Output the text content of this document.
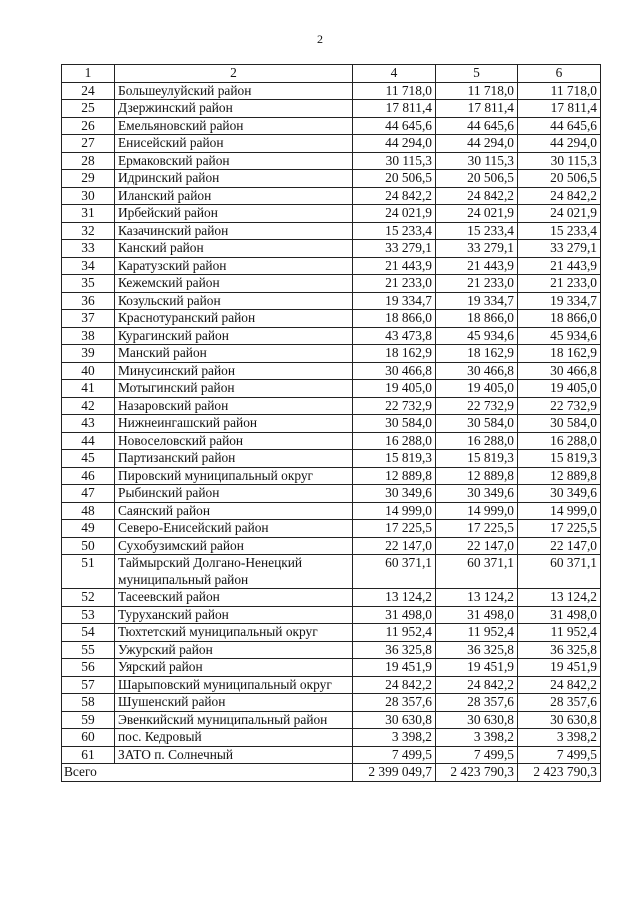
2
1	2	4	5	6
24	Большеулуйский район	11 718,0	11 718,0	11 718,0
25	Дзержинский район	17 811,4	17 811,4	17 811,4
26	Емельяновский район	44 645,6	44 645,6	44 645,6
27	Енисейский район	44 294,0	44 294,0	44 294,0
28	Ермаковский район	30 115,3	30 115,3	30 115,3
29	Идринский район	20 506,5	20 506,5	20 506,5
30	Иланский район	24 842,2	24 842,2	24 842,2
31	Ирбейский район	24 021,9	24 021,9	24 021,9
32	Казачинский район	15 233,4	15 233,4	15 233,4
33	Канский район	33 279,1	33 279,1	33 279,1
34	Каратузский район	21 443,9	21 443,9	21 443,9
35	Кежемский район	21 233,0	21 233,0	21 233,0
36	Козульский район	19 334,7	19 334,7	19 334,7
37	Краснотуранский район	18 866,0	18 866,0	18 866,0
38	Курагинский район	43 473,8	45 934,6	45 934,6
39	Манский район	18 162,9	18 162,9	18 162,9
40	Минусинский район	30 466,8	30 466,8	30 466,8
41	Мотыгинский район	19 405,0	19 405,0	19 405,0
42	Назаровский район	22 732,9	22 732,9	22 732,9
43	Нижнеингашский район	30 584,0	30 584,0	30 584,0
44	Новоселовский район	16 288,0	16 288,0	16 288,0
45	Партизанский район	15 819,3	15 819,3	15 819,3
46	Пировский муниципальный округ	12 889,8	12 889,8	12 889,8
47	Рыбинский район	30 349,6	30 349,6	30 349,6
48	Саянский район	14 999,0	14 999,0	14 999,0
49	Северо-Енисейский район	17 225,5	17 225,5	17 225,5
50	Сухобузимский район	22 147,0	22 147,0	22 147,0
51	Таймырский Долгано-Ненецкий муниципальный район	60 371,1	60 371,1	60 371,1
52	Тасеевский район	13 124,2	13 124,2	13 124,2
53	Туруханский район	31 498,0	31 498,0	31 498,0
54	Тюхтетский муниципальный округ	11 952,4	11 952,4	11 952,4
55	Ужурский район	36 325,8	36 325,8	36 325,8
56	Уярский район	19 451,9	19 451,9	19 451,9
57	Шарыповский муниципальный округ	24 842,2	24 842,2	24 842,2
58	Шушенский район	28 357,6	28 357,6	28 357,6
59	Эвенкийский муниципальный район	30 630,8	30 630,8	30 630,8
60	пос. Кедровый	3 398,2	3 398,2	3 398,2
61	ЗАТО п. Солнечный	7 499,5	7 499,5	7 499,5
Всего		2 399 049,7	2 423 790,3	2 423 790,3
